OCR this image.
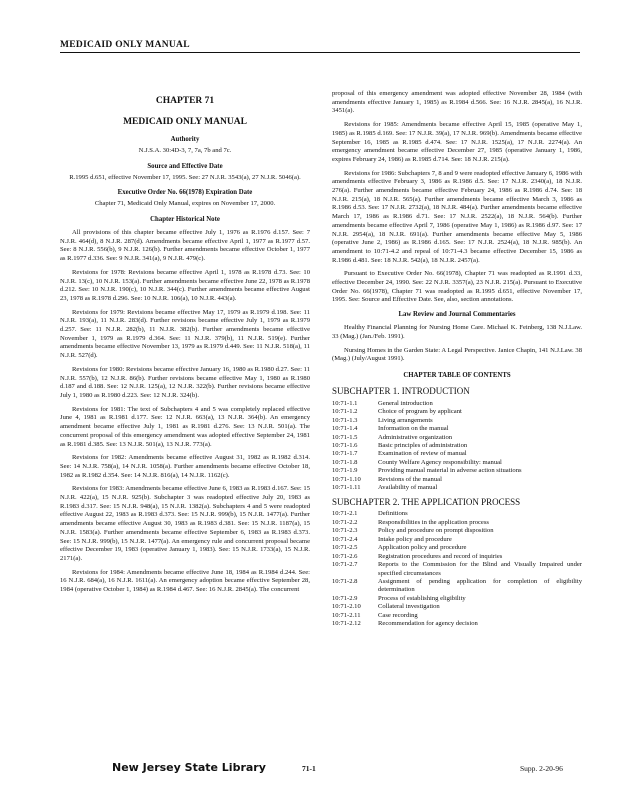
MEDICAID ONLY MANUAL
CHAPTER 71
MEDICAID ONLY MANUAL
Authority
N.J.S.A. 30:4D-3, 7, 7a, 7b and 7c.
Source and Effective Date
R.1995 d.651, effective November 17, 1995. See: 27 N.J.R. 3543(a), 27 N.J.R. 5046(a).
Executive Order No. 66(1978) Expiration Date
Chapter 71, Medicaid Only Manual, expires on November 17, 2000.
Chapter Historical Note

All provisions of this chapter became effective July 1, 1976 as R.1976 d.157. See: 7 N.J.R. 464(d), 8 N.J.R. 287(d). Amendments became effective April 1, 1977 as R.1977 d.57. See: 8 N.J.R. 556(b), 9 N.J.R. 126(b). Further amendments became effective October 1, 1977 as R.1977 d.336. See: 9 N.J.R. 341(a), 9 N.J.R. 479(c).

Revisions for 1978: Revisions became effective April 1, 1978 as R.1978 d.73. See: 10 N.J.R. 13(c), 10 N.J.R. 153(a). Further amendments became effective June 22, 1978 as R.1978 d.212. See: 10 N.J.R. 190(c), 10 N.J.R. 344(c). Further amendments became effective August 23, 1978 as R.1978 d.296. See: 10 N.J.R. 106(a), 10 N.J.R. 443(a).

Revisions for 1979: Revisions became effective May 17, 1979 as R.1979 d.198. See: 11 N.J.R. 193(a), 11 N.J.R. 283(d). Further revisions became effective July 1, 1979 as R.1979 d.257. See: 11 N.J.R. 282(b), 11 N.J.R. 382(b). Further amendments became effective November 1, 1979 as R.1979 d.364. See: 11 N.J.R. 379(b), 11 N.J.R. 519(e). Further amendments became effective November 13, 1979 as R.1979 d.449. See: 11 N.J.R. 518(a), 11 N.J.R. 527(d).

Revisions for 1980: Revisions became effective January 16, 1980 as R.1980 d.27. See: 11 N.J.R. 557(b), 12 N.J.R. 86(b). Further revisions became effective May 1, 1980 as R.1980 d.187 and d.188. See: 12 N.J.R. 125(a), 12 N.J.R. 322(b). Further revisions became effective July 1, 1980 as R.1980 d.223. See: 12 N.J.R. 324(b).

Revisions for 1981: The text of Subchapters 4 and 5 was completely replaced effective June 4, 1981 as R.1981 d.177. See: 12 N.J.R. 663(a), 13 N.J.R. 364(b). An emergency amendment became effective July 1, 1981 as R.1981 d.276. See: 13 N.J.R. 501(a). The concurrent proposal of this emergency amendment was adopted effective September 24, 1981 as R.1981 d.385. See: 13 N.J.R. 501(a), 13 N.J.R. 773(a).

Revisions for 1982: Amendments became effective August 31, 1982 as R.1982 d.314. See: 14 N.J.R. 758(a), 14 N.J.R. 1058(a). Further amendments became effective October 18, 1982 as R.1982 d.354. See: 14 N.J.R. 816(a), 14 N.J.R. 1162(c).

Revisions for 1983: Amendments became effective June 6, 1983 as R.1983 d.167. See: 15 N.J.R. 422(a), 15 N.J.R. 925(b). Subchapter 3 was readopted effective July 20, 1983 as R.1983 d.317. See: 15 N.J.R. 948(a), 15 N.J.R. 1382(a). Subchapters 4 and 5 were readopted effective August 22, 1983 as R.1983 d.373. See: 15 N.J.R. 999(b), 15 N.J.R. 1477(a). Further amendments became effective August 30, 1983 as R.1983 d.381. See: 15 N.J.R. 1187(a), 15 N.J.R. 1583(a). Further amendments became effective September 6, 1983 as R.1983 d.373. See: 15 N.J.R. 999(b), 15 N.J.R. 1477(a). An emergency rule and concurrent proposal became effective December 19, 1983 (operative January 1, 1983). See: 15 N.J.R. 1733(a), 15 N.J.R. 2171(a).

Revisions for 1984: Amendments became effective June 18, 1984 as R.1984 d.244. See: 16 N.J.R. 684(a), 16 N.J.R. 1611(a). An emergency adoption became effective September 28, 1984 (operative October 1, 1984) as R.1984 d.467. See: 16 N.J.R. 2845(a). The concurrent

proposal of this emergency amendment was adopted effective November 28, 1984 (with amendments effective January 1, 1985) as R.1984 d.566. See: 16 N.J.R. 2845(a), 16 N.J.R. 3451(a).

Revisions for 1985: Amendments became effective April 15, 1985 (operative May 1, 1985) as R.1985 d.169. See: 17 N.J.R. 39(a), 17 N.J.R. 969(b). Amendments became effective September 16, 1985 as R.1985 d.474. See: 17 N.J.R. 1525(a), 17 N.J.R. 2274(a). An emergency amendment became effective December 27, 1985 (operative January 1, 1986, expires February 24, 1986) as R.1985 d.714. See: 18 N.J.R. 215(a).

Revisions for 1986: Subchapters 7, 8 and 9 were readopted effective January 6, 1986 with amendments effective February 3, 1986 as R.1986 d.5. See: 17 N.J.R. 2340(a), 18 N.J.R. 276(a). Further amendments became effective February 24, 1986 as R.1986 d.74. See: 18 N.J.R. 215(a), 18 N.J.R. 565(a). Further amendments became effective March 3, 1986 as R.1986 d.53. See: 17 N.J.R. 2732(a), 18 N.J.R. 484(a). Further amendments became effective March 17, 1986 as R.1986 d.71. See: 17 N.J.R. 2522(a), 18 N.J.R. 564(b). Further amendments became effective April 7, 1986 (operative May 1, 1986) as R.1986 d.97. See: 17 N.J.R. 2954(a), 18 N.J.R. 691(a). Further amendments became effective May 5, 1986 (operative June 2, 1986) as R.1986 d.165. See: 17 N.J.R. 2524(a), 18 N.J.R. 985(b). An amendment to 10:71-4.2 and repeal of 10:71-4.3 became effective December 15, 1986 as R.1986 d.481. See: 18 N.J.R. 542(a), 18 N.J.R. 2457(a).

Pursuant to Executive Order No. 66(1978), Chapter 71 was readopted as R.1991 d.33, effective December 24, 1990. See: 22 N.J.R. 3357(a), 23 N.J.R. 215(a). Pursuant to Executive Order No. 66(1978), Chapter 71 was readopted as R.1995 d.651, effective November 17, 1995. See: Source and Effective Date. See, also, section annotations.

Law Review and Journal Commentaries

Healthy Financial Planning for Nursing Home Care. Michael K. Feinberg, 138 N.J.Law. 33 (Mag.) (Jan./Feb. 1991).

Nursing Homes in the Garden State: A Legal Perspective. Janice Chapin, 141 N.J.Law. 38 (Mag.) (July/August 1991).

CHAPTER TABLE OF CONTENTS
SUBCHAPTER 1. INTRODUCTION
10:71-1.1	General introduction
10:71-1.2	Choice of program by applicant
10:71-1.3	Living arrangements
10:71-1.4	Information on the manual
10:71-1.5	Administrative organization
10:71-1.6	Basic principles of administration
10:71-1.7	Examination of review of manual
10:71-1.8	County Welfare Agency responsibility: manual
10:71-1.9	Providing manual material in adverse action situations
10:71-1.10	Revisions of the manual
10:71-1.11	Availability of manual
SUBCHAPTER 2. THE APPLICATION PROCESS
10:71-2.1	Definitions
10:71-2.2	Responsibilities in the application process
10:71-2.3	Policy and procedure on prompt disposition
10:71-2.4	Intake policy and procedure
10:71-2.5	Application policy and procedure
10:71-2.6	Registration procedures and record of inquiries
10:71-2.7	Reports to the Commission for the Blind and Visually Impaired under specified circumstances
10:71-2.8	Assignment of pending application for completion of eligibility determination
10:71-2.9	Process of establishing eligibility
10:71-2.10	Collateral investigation
10:71-2.11	Case recording
10:71-2.12	Recommendation for agency decision
New Jersey State Library	71-1	Supp. 2-20-96
